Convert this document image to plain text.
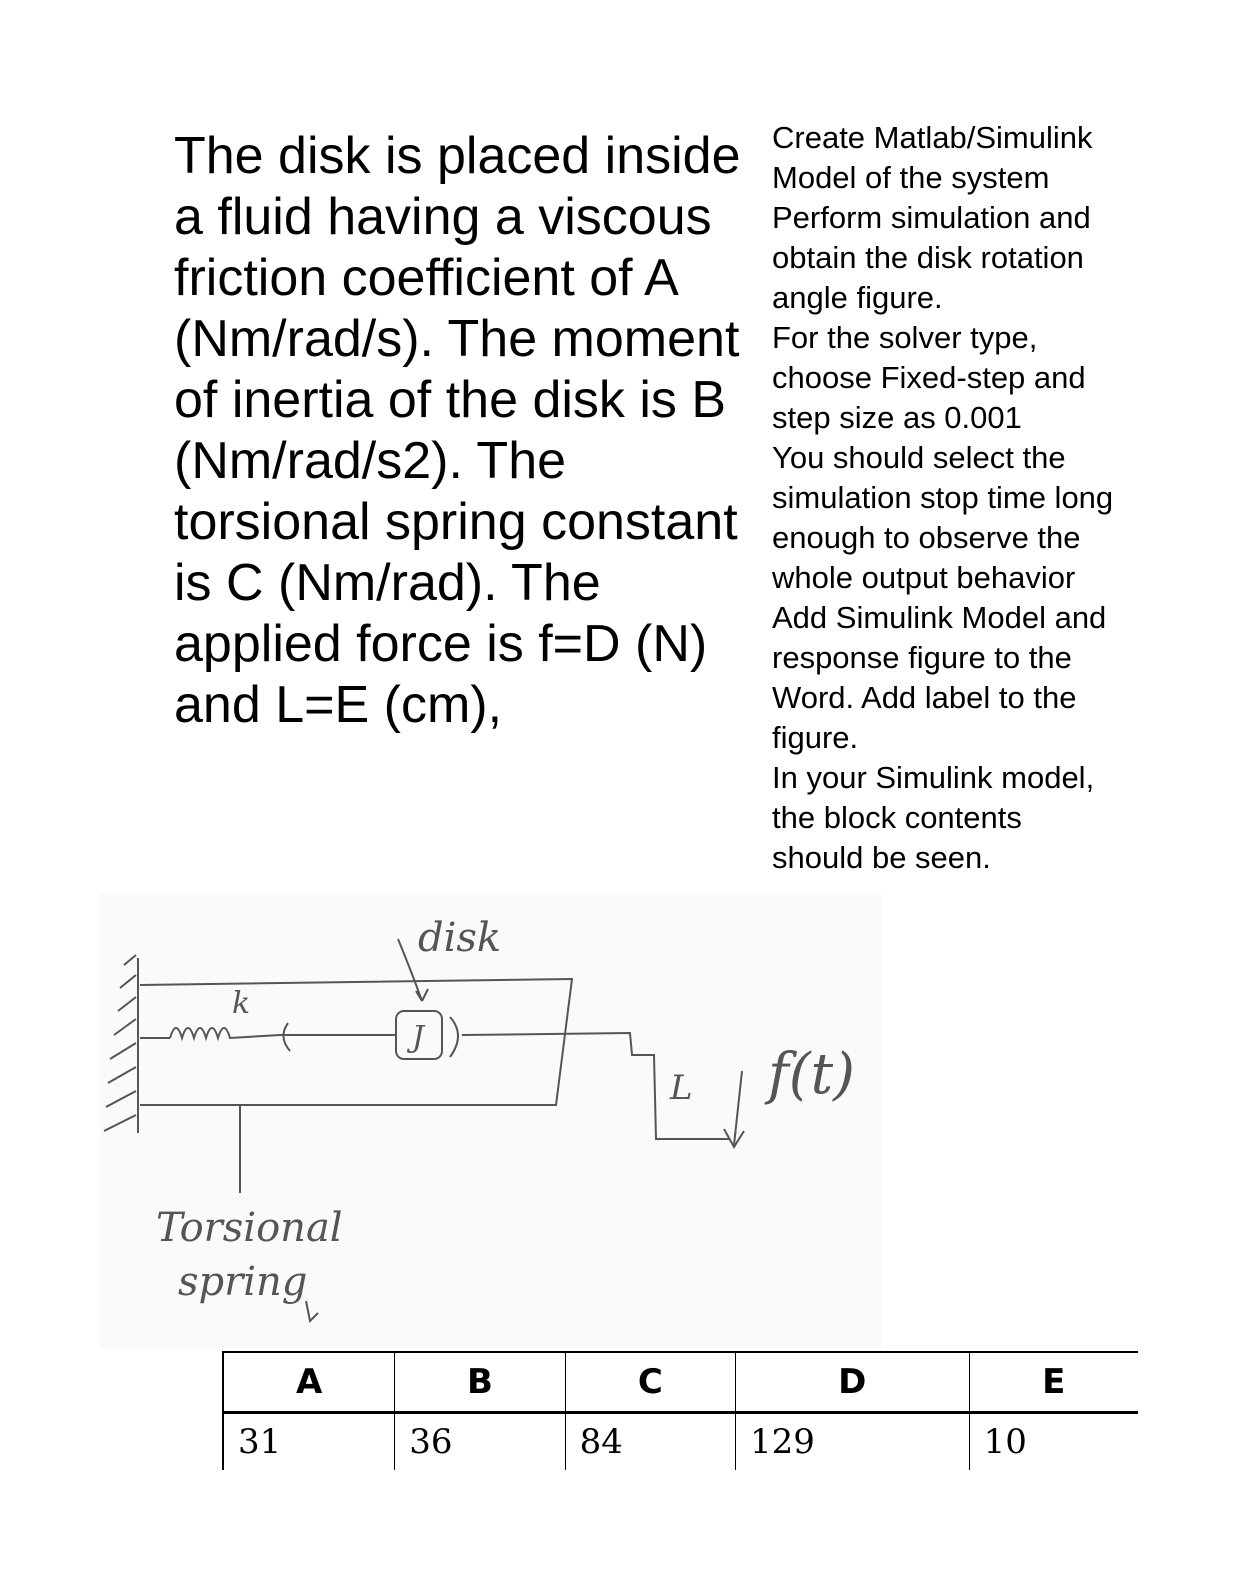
The disk is placed inside
a fluid having a viscous
friction coefficient of A
(Nm/rad/s). The moment
of inertia of the disk is B
(Nm/rad/s2). The
torsional spring constant
is C (Nm/rad). The
applied force is f=D (N)
and L=E (cm),
Create Matlab/Simulink
Model of the system
Perform simulation and
obtain the disk rotation
angle figure.
For the solver type,
choose Fixed-step and
step size as 0.001
You should select the
simulation stop time long
enough to observe the
whole output behavior
Add Simulink Model and
response figure to the
Word. Add label to the
figure.
In your Simulink model,
the block contents
should be seen.
disk
k
J
L f(t)
Torsional
spring
A	B	C	D	E
31	36	84	129	10
